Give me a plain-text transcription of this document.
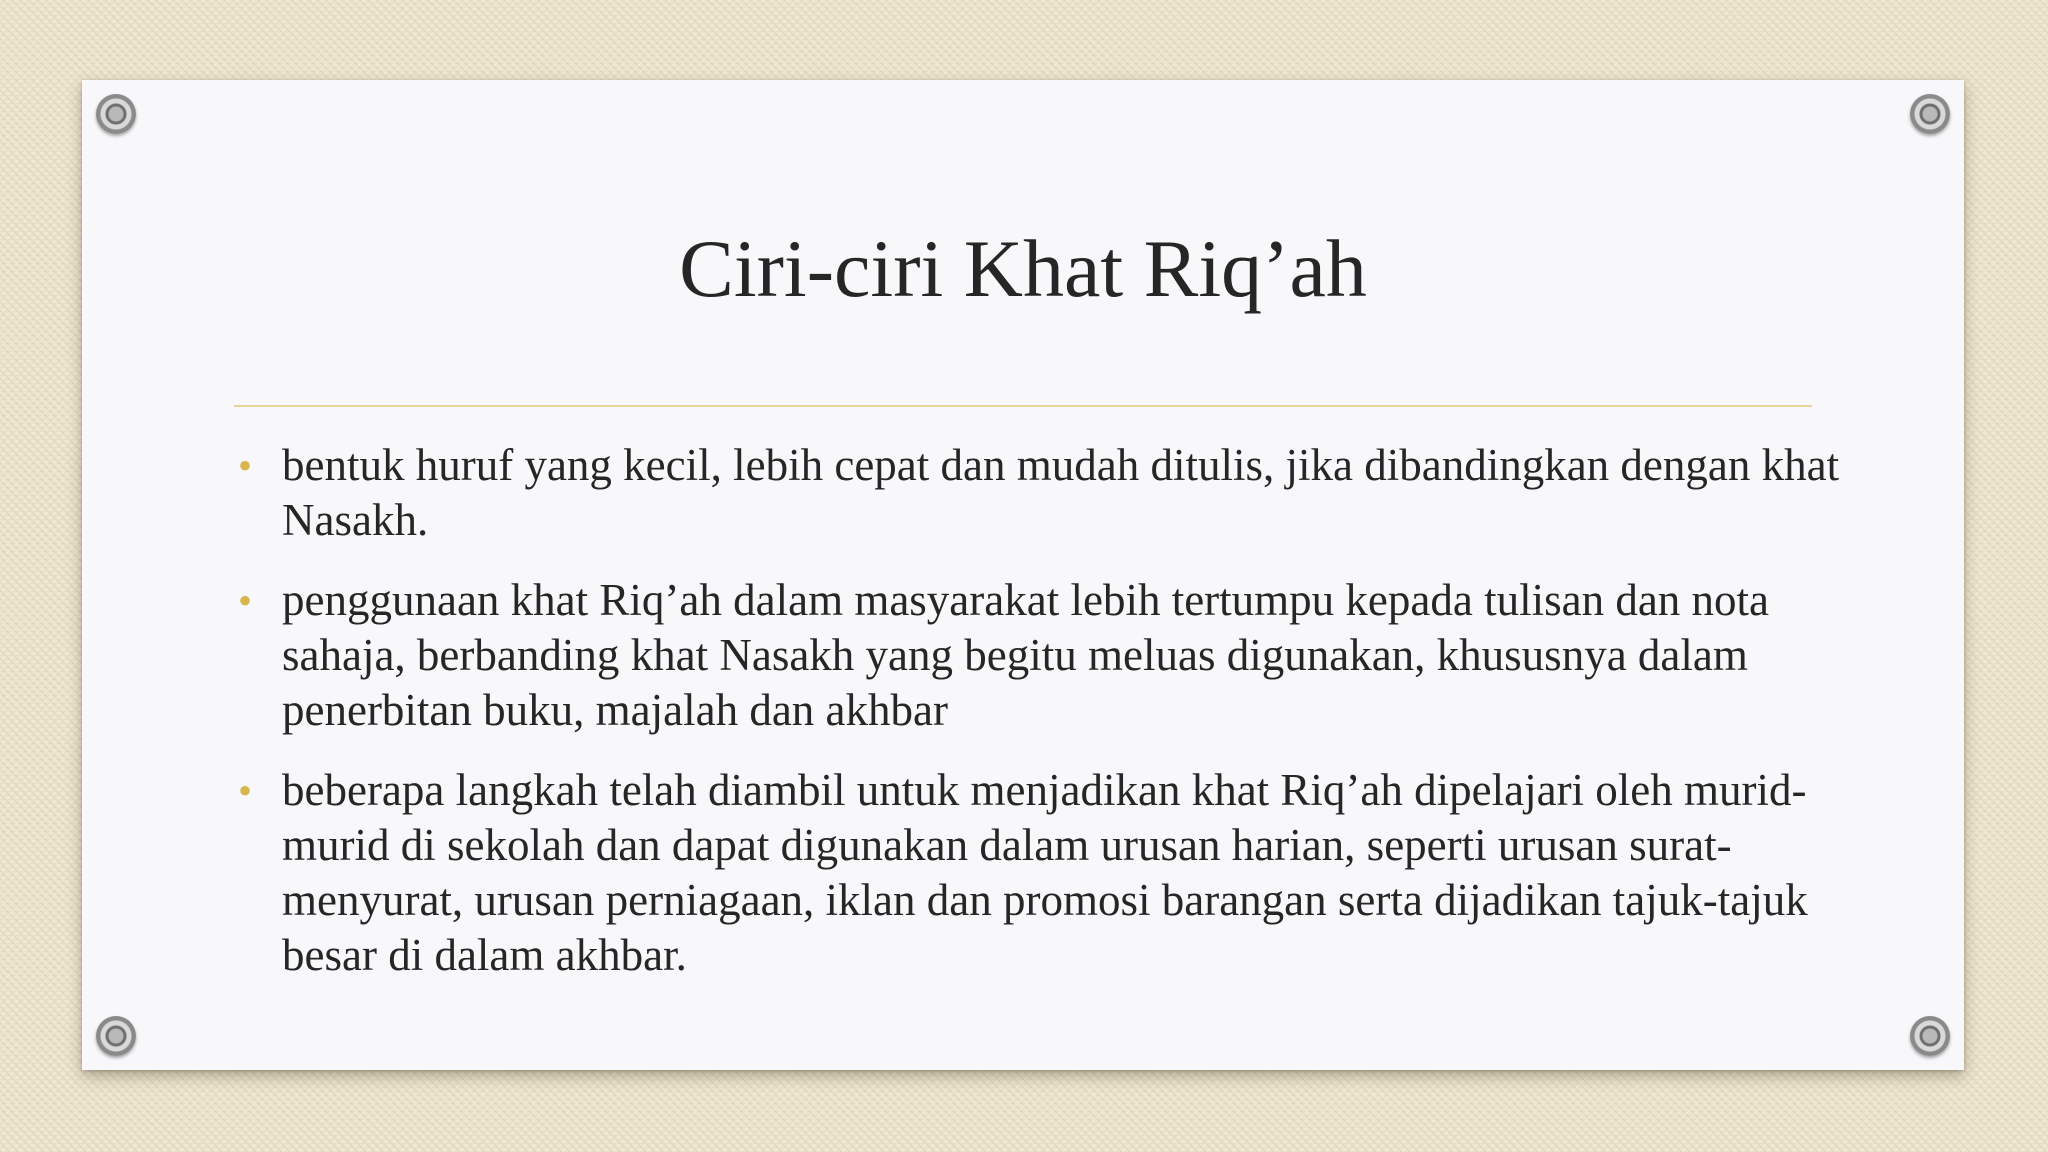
Ciri-ciri Khat Riq’ah
• bentuk huruf yang kecil, lebih cepat dan mudah ditulis, jika dibandingkan dengan khat Nasakh.
• penggunaan khat Riq’ah dalam masyarakat lebih tertumpu kepada tulisan dan nota sahaja, berbanding khat Nasakh yang begitu meluas digunakan, khususnya dalam penerbitan buku, majalah dan akhbar
• beberapa langkah telah diambil untuk menjadikan khat Riq’ah dipelajari oleh murid-murid di sekolah dan dapat digunakan dalam urusan harian, seperti urusan surat-menyurat, urusan perniagaan, iklan dan promosi barangan serta dijadikan tajuk-tajuk besar di dalam akhbar.
